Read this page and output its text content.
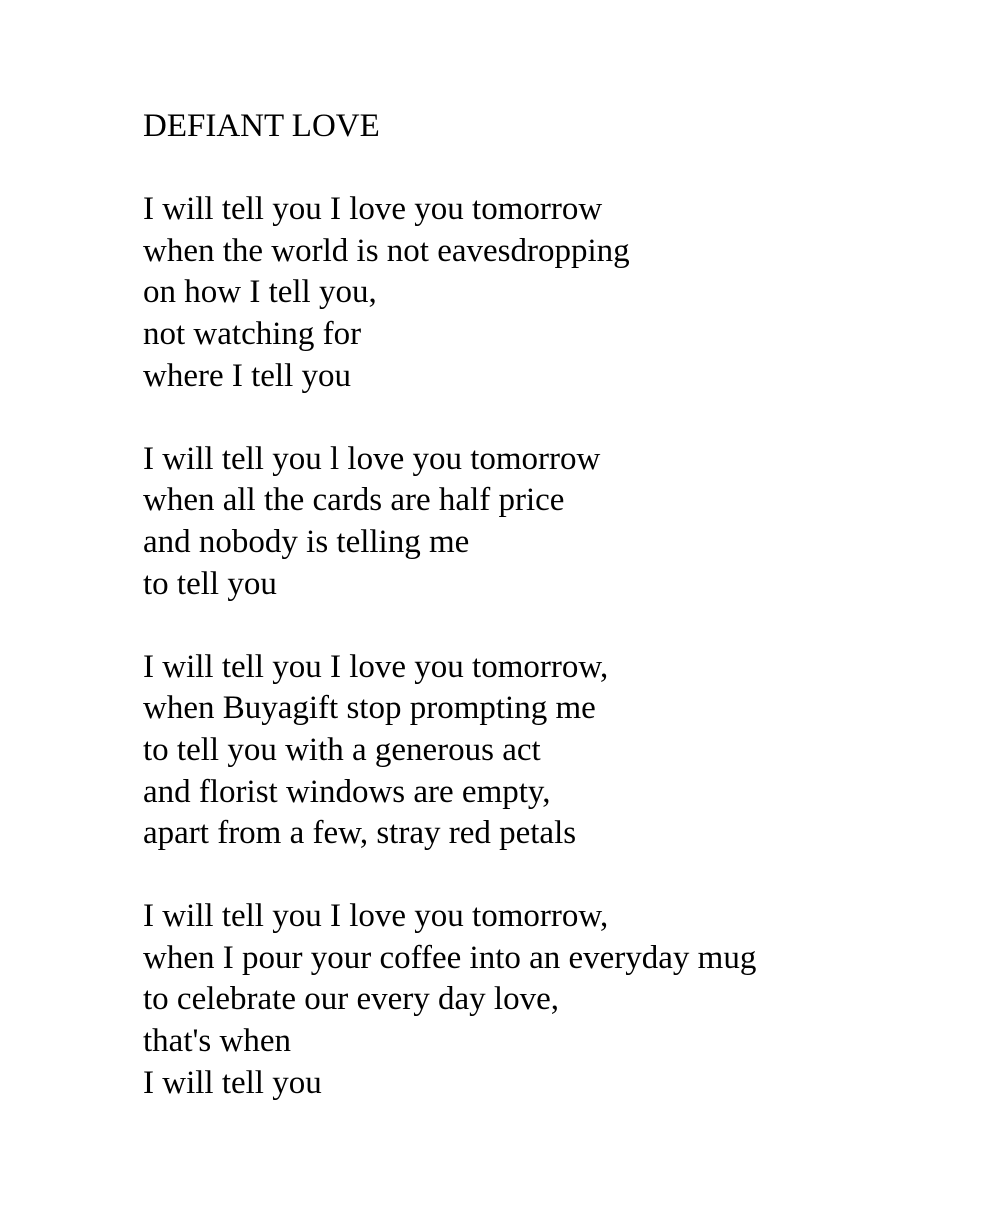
DEFIANT LOVE
I will tell you I love you tomorrow
when the world is not eavesdropping
on how I tell you,
not watching for
where I tell you
I will tell you l love you tomorrow
when all the cards are half price
and nobody is telling me
to tell you
I will tell you I love you tomorrow,
when Buyagift stop prompting me
to tell you with a generous act
and florist windows are empty,
apart from a few, stray red petals
I will tell you I love you tomorrow,
when I pour your coffee into an everyday mug
to celebrate our every day love,
that's when
I will tell you
